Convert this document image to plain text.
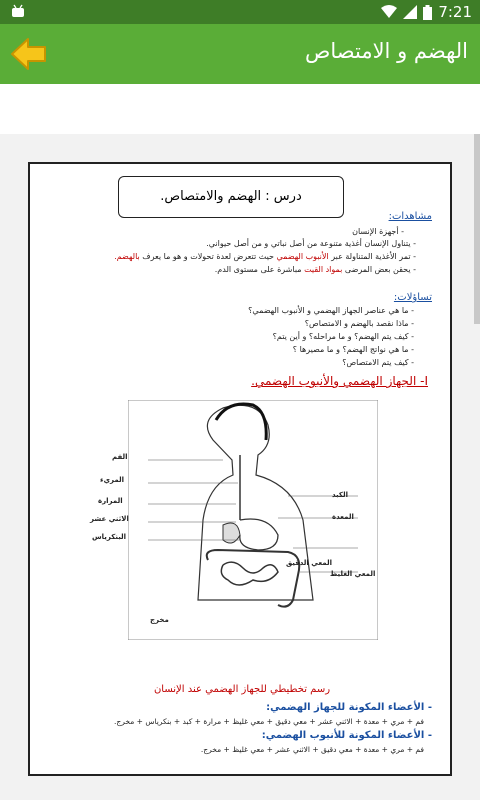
7:21
الهضم و الامتصاص
درس : الهضم والامتصاص.
مشاهدات:
- أجهزة الإنسان
- يتناول الإنسان أغذية متنوعة من أصل نباتي و من أصل حيواني.
- تمر الأغذية المتناولة عبر الأنبوب الهضمي حيث تتعرض لعدة تحولات و هو ما يعرف بالهضم.
- يحقن بعض المرضى بمواد القيت مباشرة على مستوى الدم.
تساؤلات:
- ما هي عناصر الجهاز الهضمي و الأنبوب الهضمي؟
- ماذا نقصد بالهضم و الامتصاص؟
- كيف يتم الهضم؟ و ما مراحله؟ و أين يتم؟
- ما هي نواتج الهضم؟ و ما مصيرها ؟
- كيف يتم الامتصاص؟
I- الجهاز الهضمي والأنبوب الهضمي.
الفم
المريء
المرارة
الاثني عشر
البنكرياس
الكبد
المعدة
المعي الدقيق
المعي الغليظ
مخرج
رسم تخطيطي للجهاز الهضمي عند الإنسان
- الأعضاء المكونة للجهاز الهضمي:
فم + مري + معدة + الاثني عشر + معي دقيق + معي غليظ + مرارة + كبد + بنكرياس + مخرج.
- الأعضاء المكونة للأنبوب الهضمي:
فم + مري + معدة + معي دقيق + الاثني عشر + معي غليظ + مخرج.
